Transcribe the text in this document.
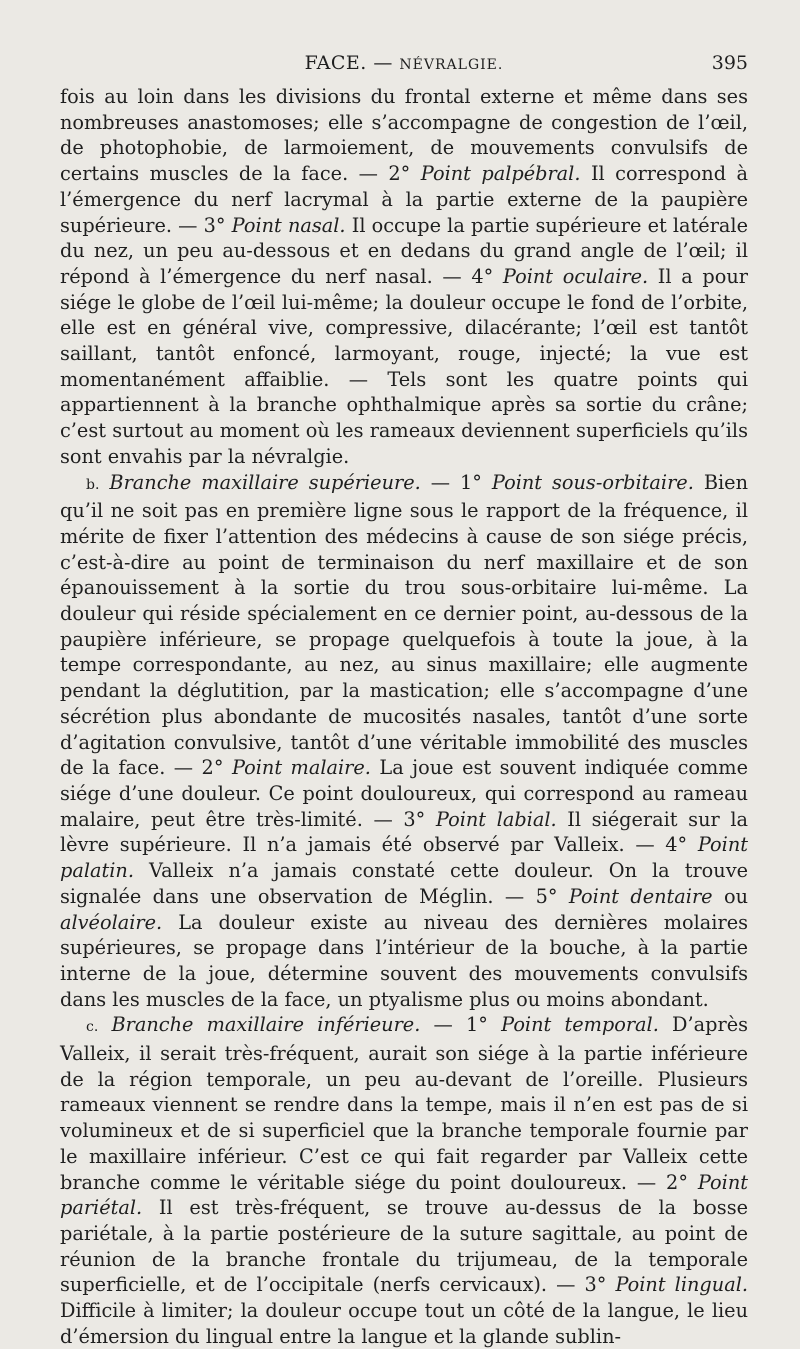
FACE. — NÉVRALGIE.	395

fois au loin dans les divisions du frontal externe et même dans ses nombreuses anastomoses; elle s’accompagne de congestion de l’œil, de photophobie, de larmoiement, de mouvements convulsifs de certains muscles de la face. — 2° Point palpébral. Il correspond à l’émergence du nerf lacrymal à la partie externe de la paupière supérieure. — 3° Point nasal. Il occupe la partie supérieure et latérale du nez, un peu au-dessous et en dedans du grand angle de l’œil; il répond à l’émergence du nerf nasal. — 4° Point oculaire. Il a pour siége le globe de l’œil lui-même; la douleur occupe le fond de l’orbite, elle est en général vive, compressive, dilacérante; l’œil est tantôt saillant, tantôt enfoncé, larmoyant, rouge, injecté; la vue est momentanément affaiblie. — Tels sont les quatre points qui appartiennent à la branche ophthalmique après sa sortie du crâne; c’est surtout au moment où les rameaux deviennent superficiels qu’ils sont envahis par la névralgie.

b. Branche maxillaire supérieure. — 1° Point sous-orbitaire. Bien qu’il ne soit pas en première ligne sous le rapport de la fréquence, il mérite de fixer l’attention des médecins à cause de son siége précis, c’est-à-dire au point de terminaison du nerf maxillaire et de son épanouissement à la sortie du trou sous-orbitaire lui-même. La douleur qui réside spécialement en ce dernier point, au-dessous de la paupière inférieure, se propage quelquefois à toute la joue, à la tempe correspondante, au nez, au sinus maxillaire; elle augmente pendant la déglutition, par la mastication; elle s’accompagne d’une sécrétion plus abondante de mucosités nasales, tantôt d’une sorte d’agitation convulsive, tantôt d’une véritable immobilité des muscles de la face. — 2° Point malaire. La joue est souvent indiquée comme siége d’une douleur. Ce point douloureux, qui correspond au rameau malaire, peut être très-limité. — 3° Point labial. Il siégerait sur la lèvre supérieure. Il n’a jamais été observé par Valleix. — 4° Point palatin. Valleix n’a jamais constaté cette douleur. On la trouve signalée dans une observation de Méglin. — 5° Point dentaire ou alvéolaire. La douleur existe au niveau des dernières molaires supérieures, se propage dans l’intérieur de la bouche, à la partie interne de la joue, détermine souvent des mouvements convulsifs dans les muscles de la face, un ptyalisme plus ou moins abondant.

c. Branche maxillaire inférieure. — 1° Point temporal. D’après Valleix, il serait très-fréquent, aurait son siége à la partie inférieure de la région temporale, un peu au-devant de l’oreille. Plusieurs rameaux viennent se rendre dans la tempe, mais il n’en est pas de si volumineux et de si superficiel que la branche temporale fournie par le maxillaire inférieur. C’est ce qui fait regarder par Valleix cette branche comme le véritable siége du point douloureux. — 2° Point pariétal. Il est très-fréquent, se trouve au-dessus de la bosse pariétale, à la partie postérieure de la suture sagittale, au point de réunion de la branche frontale du trijumeau, de la temporale superficielle, et de l’occipitale (nerfs cervicaux). — 3° Point lingual. Difficile à limiter; la douleur occupe tout un côté de la langue, le lieu d’émersion du lingual entre la langue et la glande sublin-
